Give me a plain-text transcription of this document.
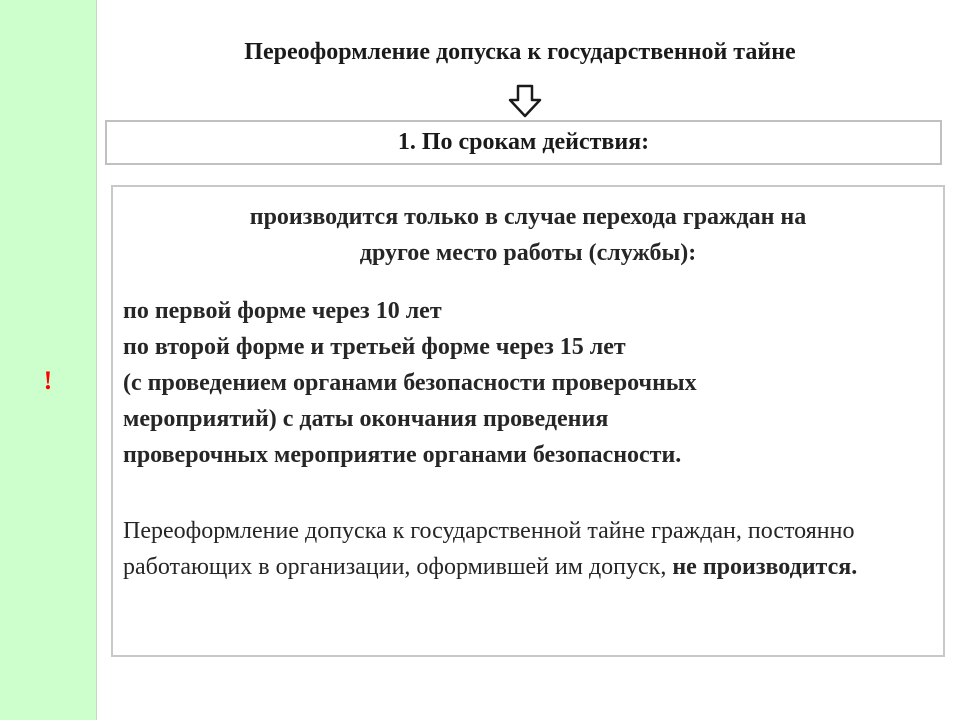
!
Переоформление допуска к государственной тайне
1. По срокам действия:
производится только в случае перехода граждан на
другое место работы (службы):
по первой форме через 10 лет
по второй форме и третьей форме через 15 лет
(с проведением органами безопасности проверочных
мероприятий) с даты окончания проведения
проверочных мероприятие органами безопасности.

Переоформление допуска к государственной тайне граждан, постоянно работающих в организации, оформившей им допуск, не производится.
